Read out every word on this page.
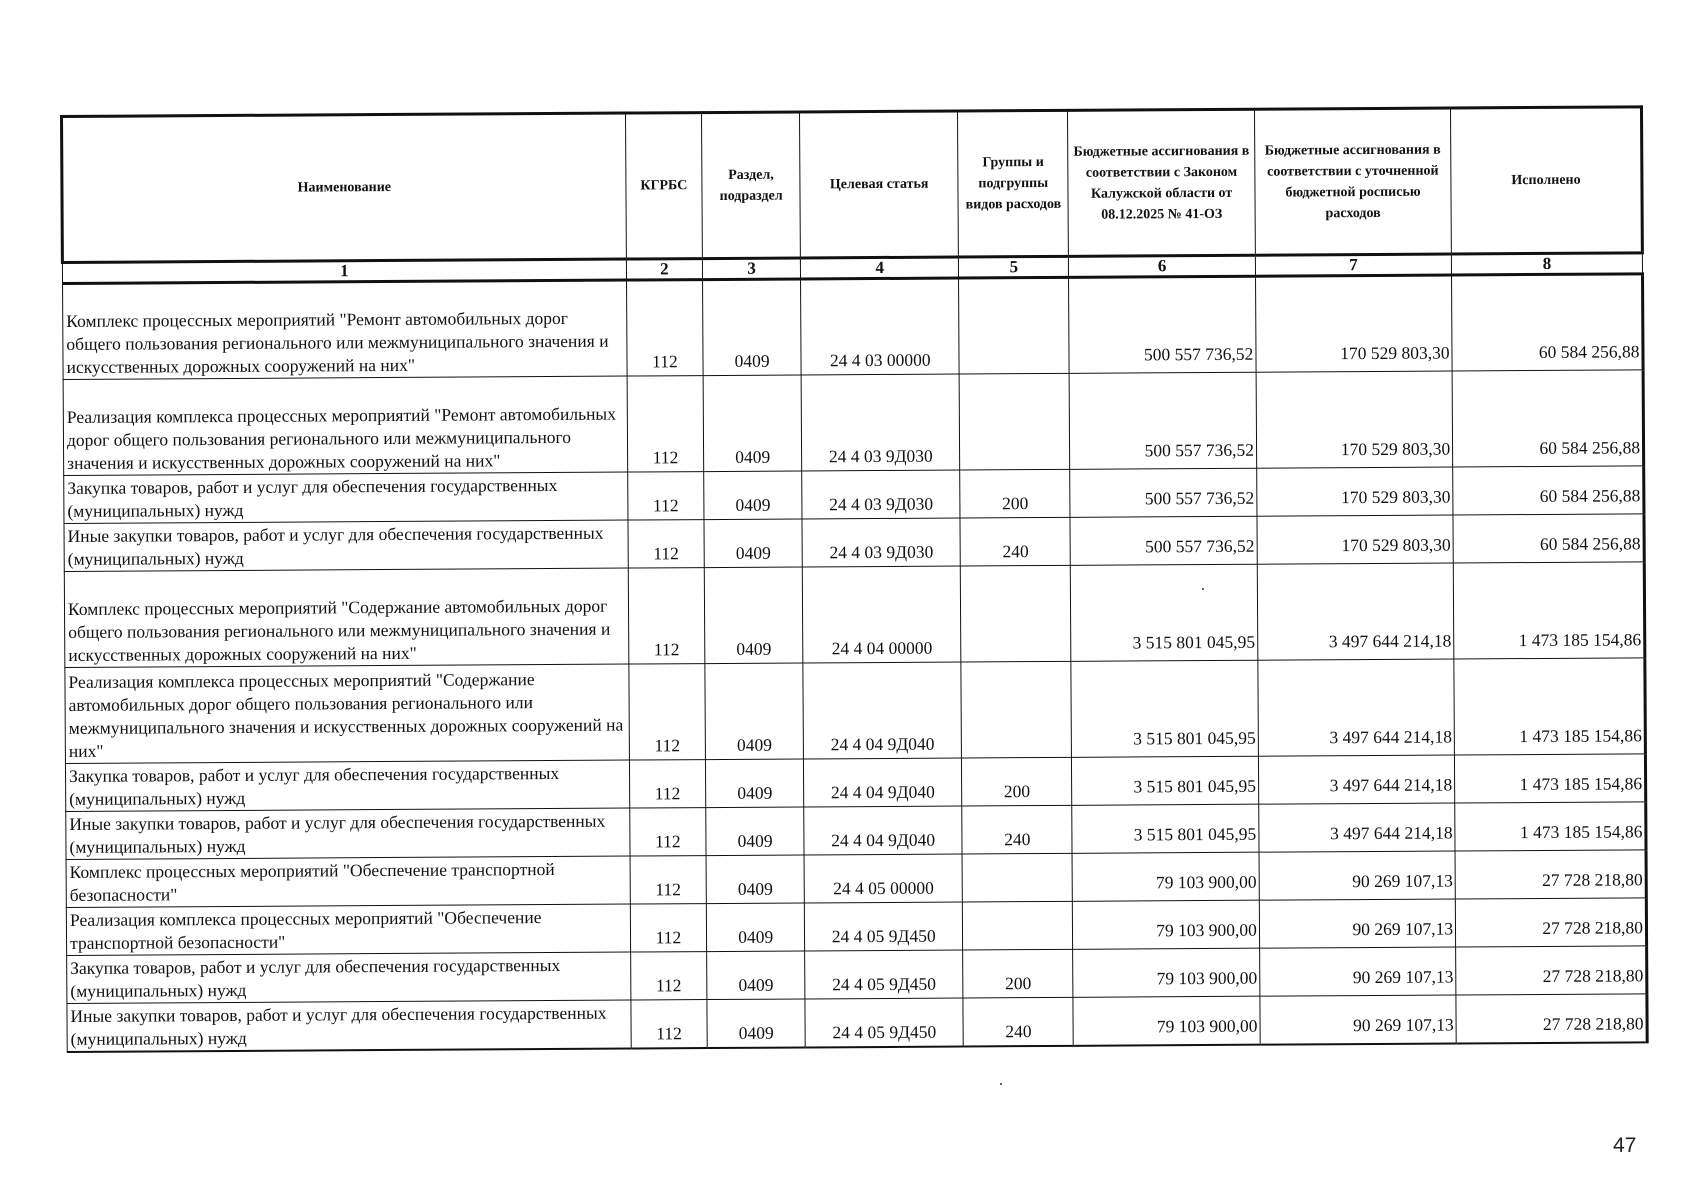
Наименование	КГРБС	Раздел, подраздел	Целевая статья	Группы и подгруппы видов расходов	Бюджетные ассигнования в соответствии с Законом Калужской области от 08.12.2025 № 41-ОЗ	Бюджетные ассигнования в соответствии с уточненной бюджетной росписью расходов	Исполнено
1	2	3	4	5	6	7	8
Комплекс процессных мероприятий "Ремонт автомобильных дорог общего пользования регионального или межмуниципального значения и искусственных дорожных сооружений на них"	112	0409	24 4 03 00000		500 557 736,52	170 529 803,30	60 584 256,88
Реализация комплекса процессных мероприятий "Ремонт автомобильных дорог общего пользования регионального или межмуниципального значения и искусственных дорожных сооружений на них"	112	0409	24 4 03 9Д030		500 557 736,52	170 529 803,30	60 584 256,88
Закупка товаров, работ и услуг для обеспечения государственных (муниципальных) нужд	112	0409	24 4 03 9Д030	200	500 557 736,52	170 529 803,30	60 584 256,88
Иные закупки товаров, работ и услуг для обеспечения государственных (муниципальных) нужд	112	0409	24 4 03 9Д030	240	500 557 736,52	170 529 803,30	60 584 256,88
Комплекс процессных мероприятий "Содержание автомобильных дорог общего пользования регионального или межмуниципального значения и искусственных дорожных сооружений на них"	112	0409	24 4 04 00000		3 515 801 045,95	3 497 644 214,18	1 473 185 154,86
Реализация комплекса процессных мероприятий "Содержание автомобильных дорог общего пользования регионального или межмуниципального значения и искусственных дорожных сооружений на них"	112	0409	24 4 04 9Д040		3 515 801 045,95	3 497 644 214,18	1 473 185 154,86
Закупка товаров, работ и услуг для обеспечения государственных (муниципальных) нужд	112	0409	24 4 04 9Д040	200	3 515 801 045,95	3 497 644 214,18	1 473 185 154,86
Иные закупки товаров, работ и услуг для обеспечения государственных (муниципальных) нужд	112	0409	24 4 04 9Д040	240	3 515 801 045,95	3 497 644 214,18	1 473 185 154,86
Комплекс процессных мероприятий "Обеспечение транспортной безопасности"	112	0409	24 4 05 00000		79 103 900,00	90 269 107,13	27 728 218,80
Реализация комплекса процессных мероприятий "Обеспечение транспортной безопасности"	112	0409	24 4 05 9Д450		79 103 900,00	90 269 107,13	27 728 218,80
Закупка товаров, работ и услуг для обеспечения государственных (муниципальных) нужд	112	0409	24 4 05 9Д450	200	79 103 900,00	90 269 107,13	27 728 218,80
Иные закупки товаров, работ и услуг для обеспечения государственных (муниципальных) нужд	112	0409	24 4 05 9Д450	240	79 103 900,00	90 269 107,13	27 728 218,80
47
